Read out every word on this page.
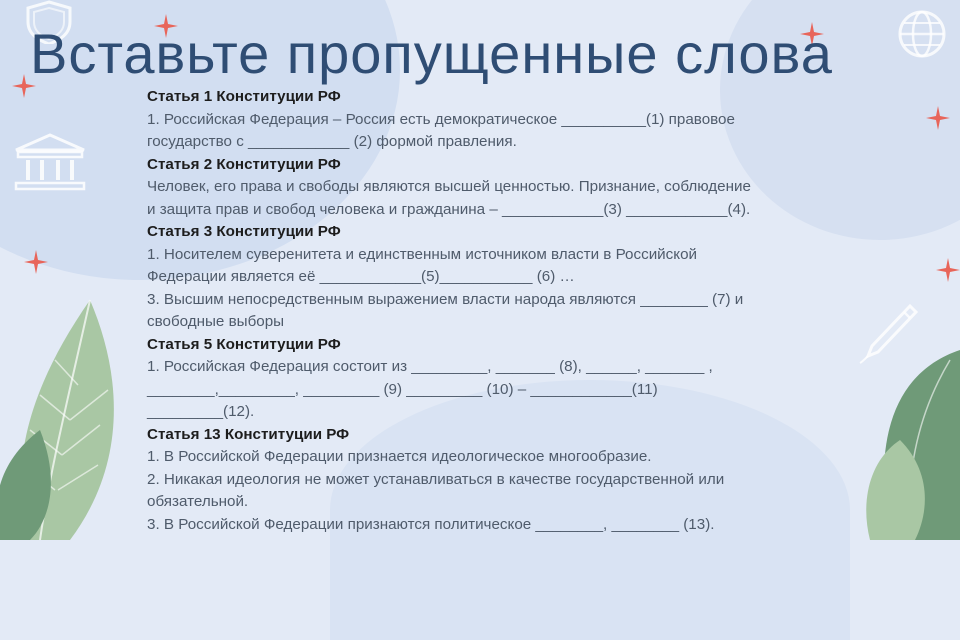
Вставьте пропущенные слова
Статья 1 Конституции РФ
1. Российская Федерация – Россия есть демократическое __________(1) правовое
государство с ____________ (2) формой правления.
Статья 2 Конституции РФ
Человек, его права и свободы являются высшей ценностью. Признание, соблюдение
и защита прав и свобод человека и гражданина – ____________(3) ____________(4).
Статья 3 Конституции РФ
1. Носителем суверенитета и единственным источником власти в Российской
Федерации является её ____________(5)___________ (6) …
3. Высшим непосредственным выражением власти народа являются ________ (7) и
свободные выборы
Статья 5 Конституции РФ
1. Российская Федерация состоит из _________, _______ (8), ______, _______ ,
________,_________, _________ (9) _________ (10) – ____________(11)
_________(12).
Статья 13 Конституции РФ
1. В Российской Федерации признается идеологическое многообразие.
2. Никакая идеология не может устанавливаться в качестве государственной или
обязательной.
3. В Российской Федерации признаются политическое ________, ________ (13).
